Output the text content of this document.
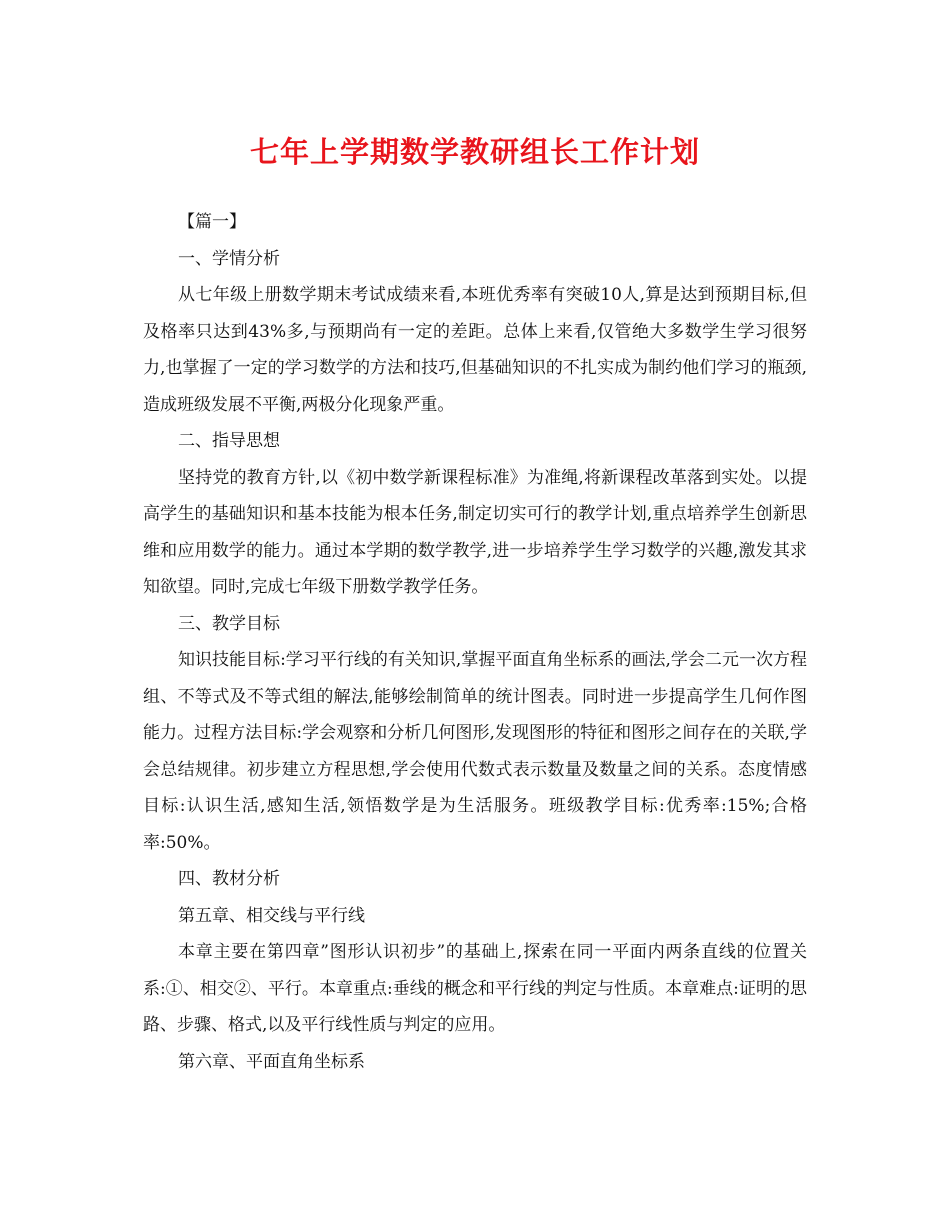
七年上学期数学教研组长工作计划

【篇一】

一、学情分析

从七年级上册数学期末考试成绩来看,本班优秀率有突破10人,算是达到预期目标,但及格率只达到43%多,与预期尚有一定的差距。总体上来看,仅管绝大多数学生学习很努力,也掌握了一定的学习数学的方法和技巧,但基础知识的不扎实成为制约他们学习的瓶颈,造成班级发展不平衡,两极分化现象严重。

二、指导思想

坚持党的教育方针,以《初中数学新课程标准》为准绳,将新课程改革落到实处。以提高学生的基础知识和基本技能为根本任务,制定切实可行的教学计划,重点培养学生创新思维和应用数学的能力。通过本学期的数学教学,进一步培养学生学习数学的兴趣,激发其求知欲望。同时,完成七年级下册数学教学任务。

三、教学目标

知识技能目标:学习平行线的有关知识,掌握平面直角坐标系的画法,学会二元一次方程组、不等式及不等式组的解法,能够绘制简单的统计图表。同时进一步提高学生几何作图能力。过程方法目标:学会观察和分析几何图形,发现图形的特征和图形之间存在的关联,学会总结规律。初步建立方程思想,学会使用代数式表示数量及数量之间的关系。态度情感目标:认识生活,感知生活,领悟数学是为生活服务。班级教学目标:优秀率:15%;合格率:50%。

四、教材分析

第五章、相交线与平行线

本章主要在第四章”图形认识初步”的基础上,探索在同一平面内两条直线的位置关系:①、相交②、平行。本章重点:垂线的概念和平行线的判定与性质。本章难点:证明的思路、步骤、格式,以及平行线性质与判定的应用。

第六章、平面直角坐标系
